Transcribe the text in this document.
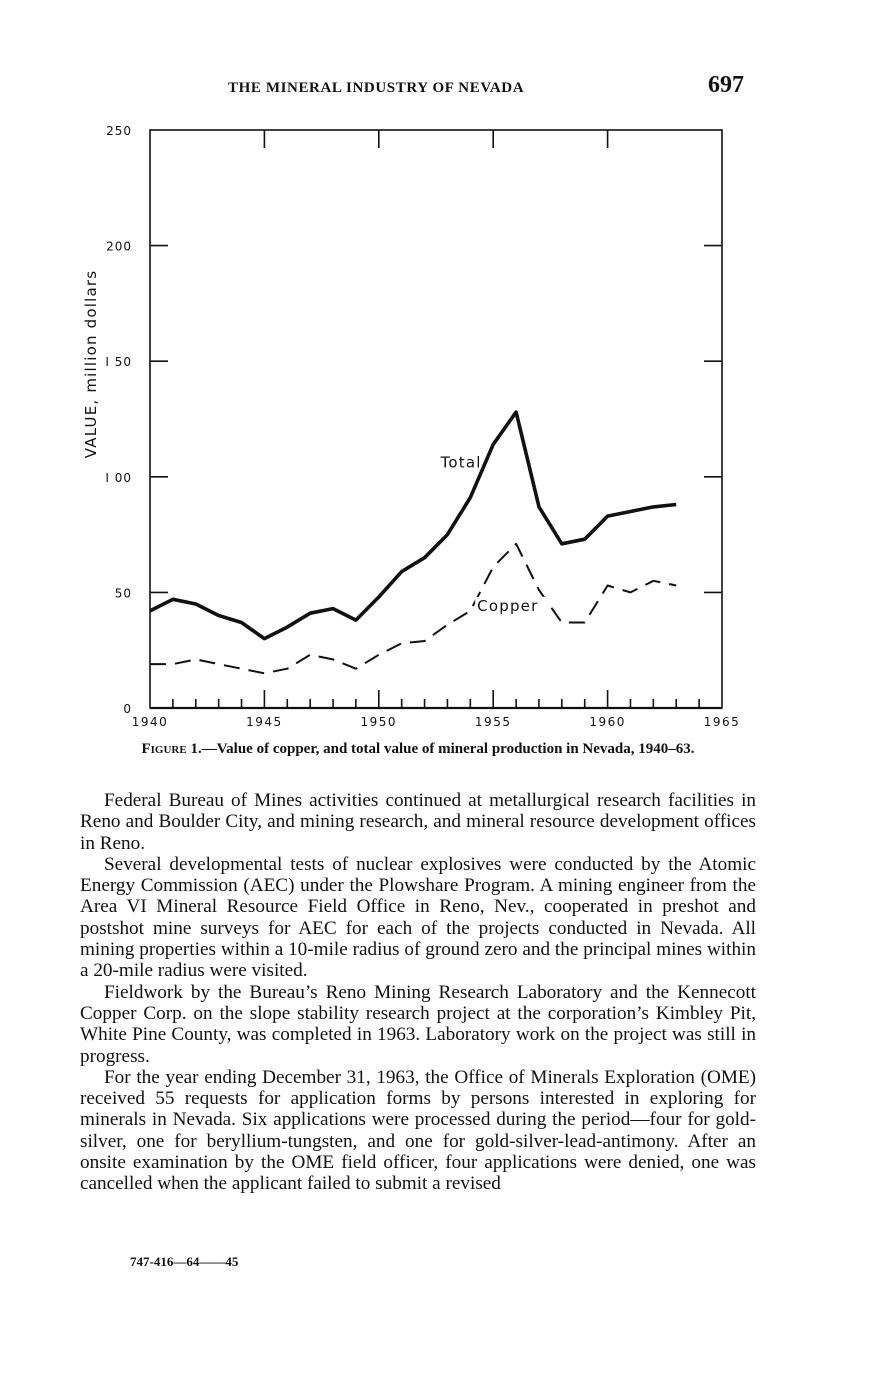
THE MINERAL INDUSTRY OF NEVADA	697
0
50
I 00
I 50
200
250
1940	1945	1950	1955	1960	1965
VALUE, million dollars
Total
Copper
Figure 1.—Value of copper, and total value of mineral production in Nevada, 1940–63.

Federal Bureau of Mines activities continued at metallurgical research facilities in Reno and Boulder City, and mining research, and mineral resource development offices in Reno.

Several developmental tests of nuclear explosives were conducted by the Atomic Energy Commission (AEC) under the Plowshare Program. A mining engineer from the Area VI Mineral Resource Field Office in Reno, Nev., cooperated in preshot and postshot mine surveys for AEC for each of the projects conducted in Nevada. All mining properties within a 10-mile radius of ground zero and the principal mines within a 20-mile radius were visited.

Fieldwork by the Bureau’s Reno Mining Research Laboratory and the Kennecott Copper Corp. on the slope stability research project at the corporation’s Kimbley Pit, White Pine County, was completed in 1963. Laboratory work on the project was still in progress.

For the year ending December 31, 1963, the Office of Minerals Exploration (OME) received 55 requests for application forms by persons interested in exploring for minerals in Nevada. Six applications were processed during the period—four for gold-silver, one for beryllium-tungsten, and one for gold-silver-lead-antimony. After an onsite examination by the OME field officer, four applications were denied, one was cancelled when the applicant failed to submit a revised

747-416—64——45
